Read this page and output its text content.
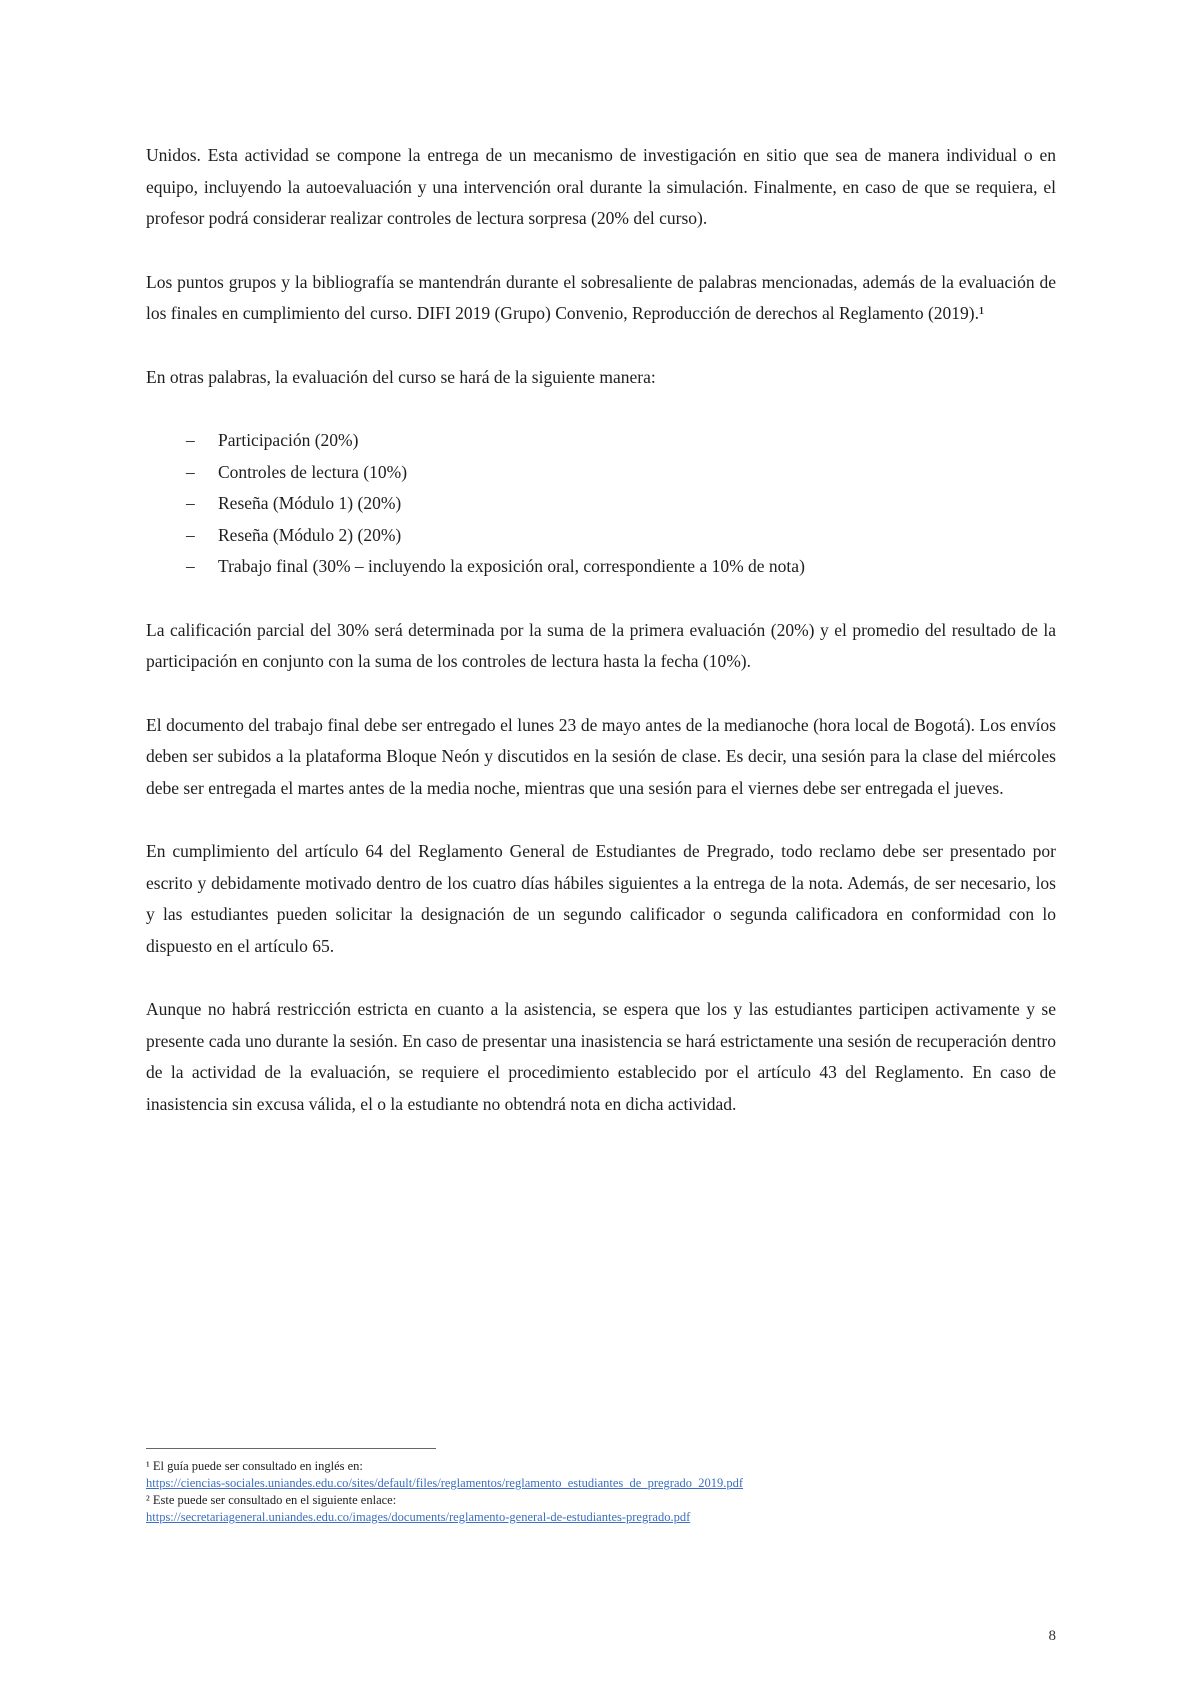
Unidos. Esta actividad se compone la entrega de un mecanismo de investigación en sitio que sea de manera individual o en equipo, incluyendo la autoevaluación y una intervención oral durante la simulación. Finalmente, en caso de que se requiera, el profesor podrá considerar realizar controles de lectura sorpresa (20% del curso).

Los puntos grupos y la bibliografía se mantendrán durante el sobresaliente de palabras mencionadas, además de la evaluación de los finales en cumplimiento del curso. DIFI 2019 (Grupo) Convenio, Reproducción de derechos al Reglamento (2019).¹

En otras palabras, la evaluación del curso se hará de la siguiente manera:

– Participación (20%)
– Controles de lectura (10%)
– Reseña (Módulo 1) (20%)
– Reseña (Módulo 2) (20%)
– Trabajo final (30% – incluyendo la exposición oral, correspondiente a 10% de nota)

La calificación parcial del 30% será determinada por la suma de la primera evaluación (20%) y el promedio del resultado de la participación en conjunto con la suma de los controles de lectura hasta la fecha (10%).

El documento del trabajo final debe ser entregado el lunes 23 de mayo antes de la medianoche (hora local de Bogotá). Los envíos deben ser subidos a la plataforma Bloque Neón y discutidos en la sesión de clase. Es decir, una sesión para la clase del miércoles debe ser entregada el martes antes de la media noche, mientras que una sesión para el viernes debe ser entregada el jueves.

En cumplimiento del artículo 64 del Reglamento General de Estudiantes de Pregrado, todo reclamo debe ser presentado por escrito y debidamente motivado dentro de los cuatro días hábiles siguientes a la entrega de la nota. Además, de ser necesario, los y las estudiantes pueden solicitar la designación de un segundo calificador o segunda calificadora en conformidad con lo dispuesto en el artículo 65.

Aunque no habrá restricción estricta en cuanto a la asistencia, se espera que los y las estudiantes participen activamente y se presente cada uno durante la sesión. En caso de presentar una inasistencia se hará estrictamente una sesión de recuperación dentro de la actividad de la evaluación, se requiere el procedimiento establecido por el artículo 43 del Reglamento. En caso de inasistencia sin excusa válida, el o la estudiante no obtendrá nota en dicha actividad.

¹ El guía puede ser consultado en inglés en:
https://ciencias-sociales.uniandes.edu.co/sites/default/files/reglamentos/reglamento_estudiantes_de_pregrado_2019.pdf
² Este puede ser consultado en el siguiente enlace:
https://secretariageneral.uniandes.edu.co/images/documents/reglamento-general-de-estudiantes-pregrado.pdf
8
